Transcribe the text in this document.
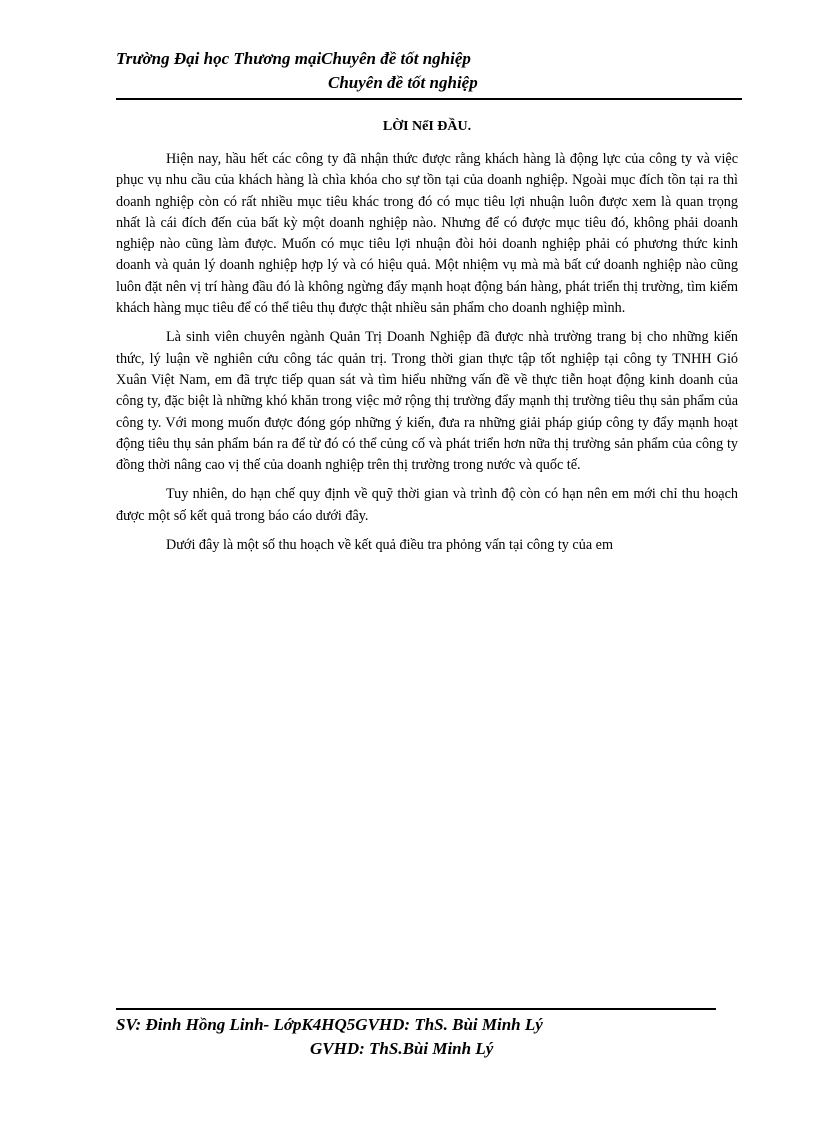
Trường Đại học Thương mạiChuyên đề tốt nghiệp
Chuyên đề tốt nghiệp
LỜI NểI ĐẦU.

Hiện nay, hầu hết các công ty đã nhận thức được rằng khách hàng là động lực của công ty và việc phục vụ nhu cầu của khách hàng là chìa khóa cho sự tồn tại của doanh nghiệp. Ngoài mục đích tồn tại ra thì doanh nghiệp còn có rất nhiều mục tiêu khác trong đó có mục tiêu lợi nhuận luôn được xem là quan trọng nhất là cái đích đến của bất kỳ một doanh nghiệp nào. Nhưng để có được mục tiêu đó, không phải doanh nghiệp nào cũng làm được. Muốn có mục tiêu lợi nhuận đòi hỏi doanh nghiệp phải có phương thức kinh doanh và quản lý doanh nghiệp hợp lý và có hiệu quả. Một nhiệm vụ mà mà bất cứ doanh nghiệp nào cũng luôn đặt nên vị trí hàng đầu đó là không ngừng đẩy mạnh hoạt động bán hàng, phát triển thị trường, tìm kiếm khách hàng mục tiêu để có thể tiêu thụ được thật nhiều sản phẩm cho doanh nghiệp mình.

Là sinh viên chuyên ngành Quản Trị Doanh Nghiệp đã được nhà trường trang bị cho những kiến thức, lý luận về nghiên cứu công tác quản trị. Trong thời gian thực tập tốt nghiệp tại công ty TNHH Gió Xuân Việt Nam, em đã trực tiếp quan sát và tìm hiểu những vấn đề về thực tiễn hoạt động kinh doanh của công ty, đặc biệt là những khó khăn trong việc mở rộng thị trường đẩy mạnh thị trường tiêu thụ sản phẩm của công ty. Với mong muốn được đóng góp những ý kiến, đưa ra những giải pháp giúp công ty đẩy mạnh hoạt động tiêu thụ sản phẩm bán ra để từ đó có thể củng cố và phát triển hơn nữa thị trường sản phẩm của công ty đồng thời nâng cao vị thế của doanh nghiệp trên thị trường trong nước và quốc tế.

Tuy nhiên, do hạn chế quy định về quỹ thời gian và trình độ còn có hạn nên em mới chỉ thu hoạch được một số kết quả trong báo cáo dưới đây.

Dưới đây là một số thu hoạch về kết quả điều tra phỏng vấn tại công ty của em

SV: Đinh Hồng Linh- LớpK4HQ5GVHD: ThS. Bùi Minh Lý
GVHD: ThS.Bùi Minh Lý
